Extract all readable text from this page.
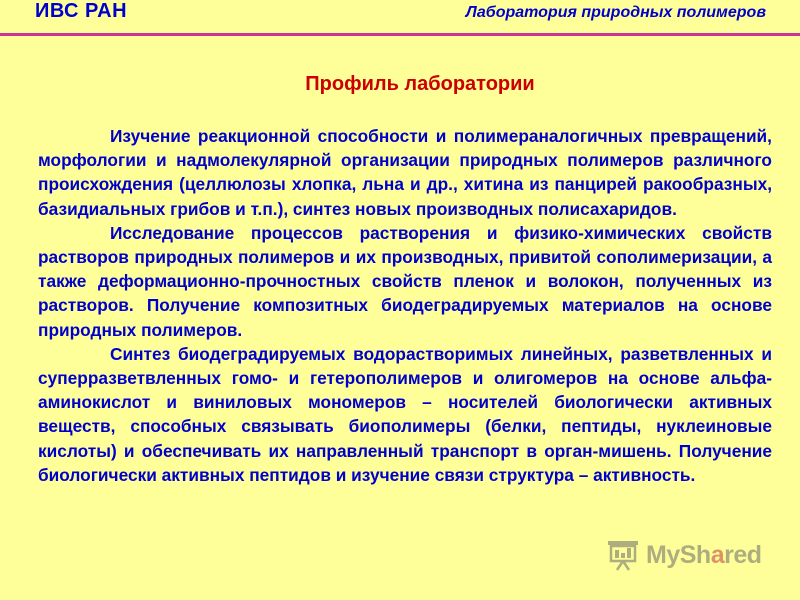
ИВС РАН	Лаборатория природных полимеров
Профиль лаборатории

Изучение реакционной способности и полимераналогичных превращений, морфологии и надмолекулярной организации природных полимеров различного происхождения (целлюлозы хлопка, льна и др., хитина из панцирей ракообразных, базидиальных грибов и т.п.), синтез новых производных полисахаридов.

Исследование процессов растворения и физико-химических свойств растворов природных полимеров и их производных, привитой сополимеризации, а также деформационно-прочностных свойств пленок и волокон, полученных из растворов. Получение композитных биодеградируемых материалов на основе природных полимеров.

Синтез биодеградируемых водорастворимых линейных, разветвленных и суперразветвленных гомо- и гетерополимеров и олигомеров на основе альфа-аминокислот и виниловых мономеров – носителей биологически активных веществ, способных связывать биополимеры (белки, пептиды, нуклеиновые кислоты) и обеспечивать их направленный транспорт в орган-мишень. Получение биологически активных пептидов и изучение связи структура – активность.

MyShared
